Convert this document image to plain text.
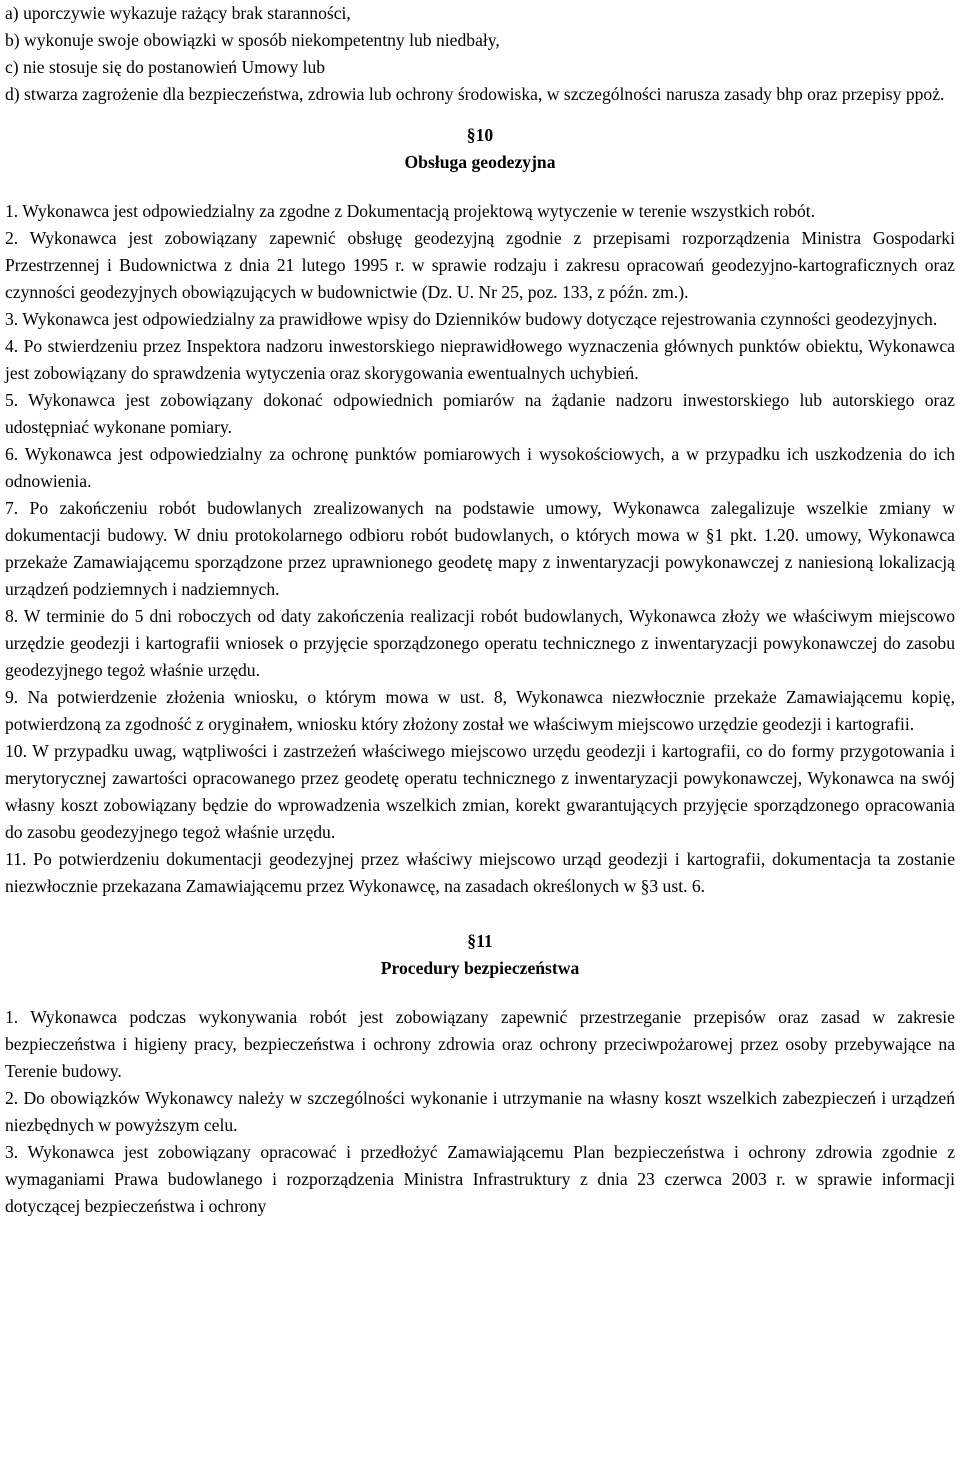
a) uporczywie wykazuje rażący brak staranności,

b) wykonuje swoje obowiązki w sposób niekompetentny lub niedbały,

c) nie stosuje się do postanowień Umowy lub

d) stwarza zagrożenie dla bezpieczeństwa, zdrowia lub ochrony środowiska, w szczególności narusza zasady bhp oraz przepisy ppoż.

§10

Obsługa geodezyjna

1. Wykonawca jest odpowiedzialny za zgodne z Dokumentacją projektową wytyczenie w terenie wszystkich robót.

2. Wykonawca jest zobowiązany zapewnić obsługę geodezyjną zgodnie z przepisami rozporządzenia Ministra Gospodarki Przestrzennej i Budownictwa z dnia 21 lutego 1995 r. w sprawie rodzaju i zakresu opracowań geodezyjno-kartograficznych oraz czynności geodezyjnych obowiązujących w budownictwie (Dz. U. Nr 25, poz. 133, z późn. zm.).

3. Wykonawca jest odpowiedzialny za prawidłowe wpisy do Dzienników budowy dotyczące rejestrowania czynności geodezyjnych.

4. Po stwierdzeniu przez Inspektora nadzoru inwestorskiego nieprawidłowego wyznaczenia głównych punktów obiektu, Wykonawca jest zobowiązany do sprawdzenia wytyczenia oraz skorygowania ewentualnych uchybień.

5. Wykonawca jest zobowiązany dokonać odpowiednich pomiarów na żądanie nadzoru inwestorskiego lub autorskiego oraz udostępniać wykonane pomiary.

6. Wykonawca jest odpowiedzialny za ochronę punktów pomiarowych i wysokościowych, a w przypadku ich uszkodzenia do ich odnowienia.

7. Po zakończeniu robót budowlanych zrealizowanych na podstawie umowy, Wykonawca zalegalizuje wszelkie zmiany w dokumentacji budowy. W dniu protokolarnego odbioru robót budowlanych, o których mowa w §1 pkt. 1.20. umowy, Wykonawca przekaże Zamawiającemu sporządzone przez uprawnionego geodetę mapy z inwentaryzacji powykonawczej z naniesioną lokalizacją urządzeń podziemnych i nadziemnych.

8. W terminie do 5 dni roboczych od daty zakończenia realizacji robót budowlanych, Wykonawca złoży we właściwym miejscowo urzędzie geodezji i kartografii wniosek o przyjęcie sporządzonego operatu technicznego z inwentaryzacji powykonawczej do zasobu geodezyjnego tegoż właśnie urzędu.

9. Na potwierdzenie złożenia wniosku, o którym mowa w ust. 8, Wykonawca niezwłocznie przekaże Zamawiającemu kopię, potwierdzoną za zgodność z oryginałem, wniosku który złożony został we właściwym miejscowo urzędzie geodezji i kartografii.

10. W przypadku uwag, wątpliwości i zastrzeżeń właściwego miejscowo urzędu geodezji i kartografii, co do formy przygotowania i merytorycznej zawartości opracowanego przez geodetę operatu technicznego z inwentaryzacji powykonawczej, Wykonawca na swój własny koszt zobowiązany będzie do wprowadzenia wszelkich zmian, korekt gwarantujących przyjęcie sporządzonego opracowania do zasobu geodezyjnego tegoż właśnie urzędu.

11. Po potwierdzeniu dokumentacji geodezyjnej przez właściwy miejscowo urząd geodezji i kartografii, dokumentacja ta zostanie niezwłocznie przekazana Zamawiającemu przez Wykonawcę, na zasadach określonych w §3 ust. 6.

§11

Procedury bezpieczeństwa

1. Wykonawca podczas wykonywania robót jest zobowiązany zapewnić przestrzeganie przepisów oraz zasad w zakresie bezpieczeństwa i higieny pracy, bezpieczeństwa i ochrony zdrowia oraz ochrony przeciwpożarowej przez osoby przebywające na Terenie budowy.

2. Do obowiązków Wykonawcy należy w szczególności wykonanie i utrzymanie na własny koszt wszelkich zabezpieczeń i urządzeń niezbędnych w powyższym celu.

3. Wykonawca jest zobowiązany opracować i przedłożyć Zamawiającemu Plan bezpieczeństwa i ochrony zdrowia zgodnie z wymaganiami Prawa budowlanego i rozporządzenia Ministra Infrastruktury z dnia 23 czerwca 2003 r. w sprawie informacji dotyczącej bezpieczeństwa i ochrony
